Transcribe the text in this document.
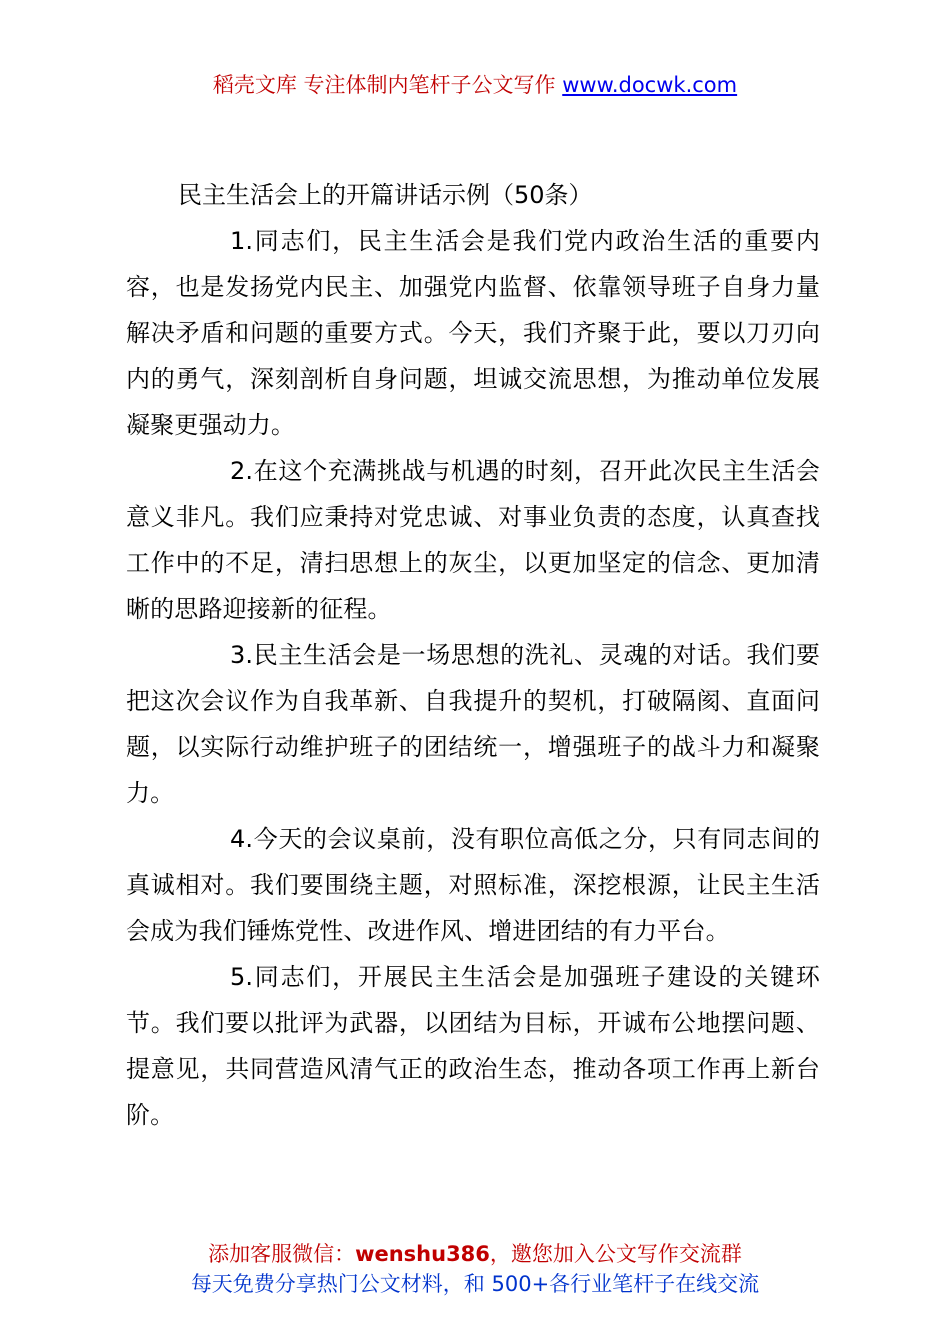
稻壳文库 专注体制内笔杆子公文写作 www.docwk.com

民主生活会上的开篇讲话示例（50条）

1.同志们，民主生活会是我们党内政治生活的重要内容，也是发扬党内民主、加强党内监督、依靠领导班子自身力量解决矛盾和问题的重要方式。今天，我们齐聚于此，要以刀刃向内的勇气，深刻剖析自身问题，坦诚交流思想，为推动单位发展凝聚更强动力。

2.在这个充满挑战与机遇的时刻，召开此次民主生活会意义非凡。我们应秉持对党忠诚、对事业负责的态度，认真查找工作中的不足，清扫思想上的灰尘，以更加坚定的信念、更加清晰的思路迎接新的征程。

3.民主生活会是一场思想的洗礼、灵魂的对话。我们要把这次会议作为自我革新、自我提升的契机，打破隔阂、直面问题，以实际行动维护班子的团结统一，增强班子的战斗力和凝聚力。

4.今天的会议桌前，没有职位高低之分，只有同志间的真诚相对。我们要围绕主题，对照标准，深挖根源，让民主生活会成为我们锤炼党性、改进作风、增进团结的有力平台。

5.同志们，开展民主生活会是加强班子建设的关键环节。我们要以批评为武器，以团结为目标，开诚布公地摆问题、提意见，共同营造风清气正的政治生态，推动各项工作再上新台阶。

添加客服微信：wenshu386，邀您加入公文写作交流群
每天免费分享热门公文材料，和 500+各行业笔杆子在线交流
